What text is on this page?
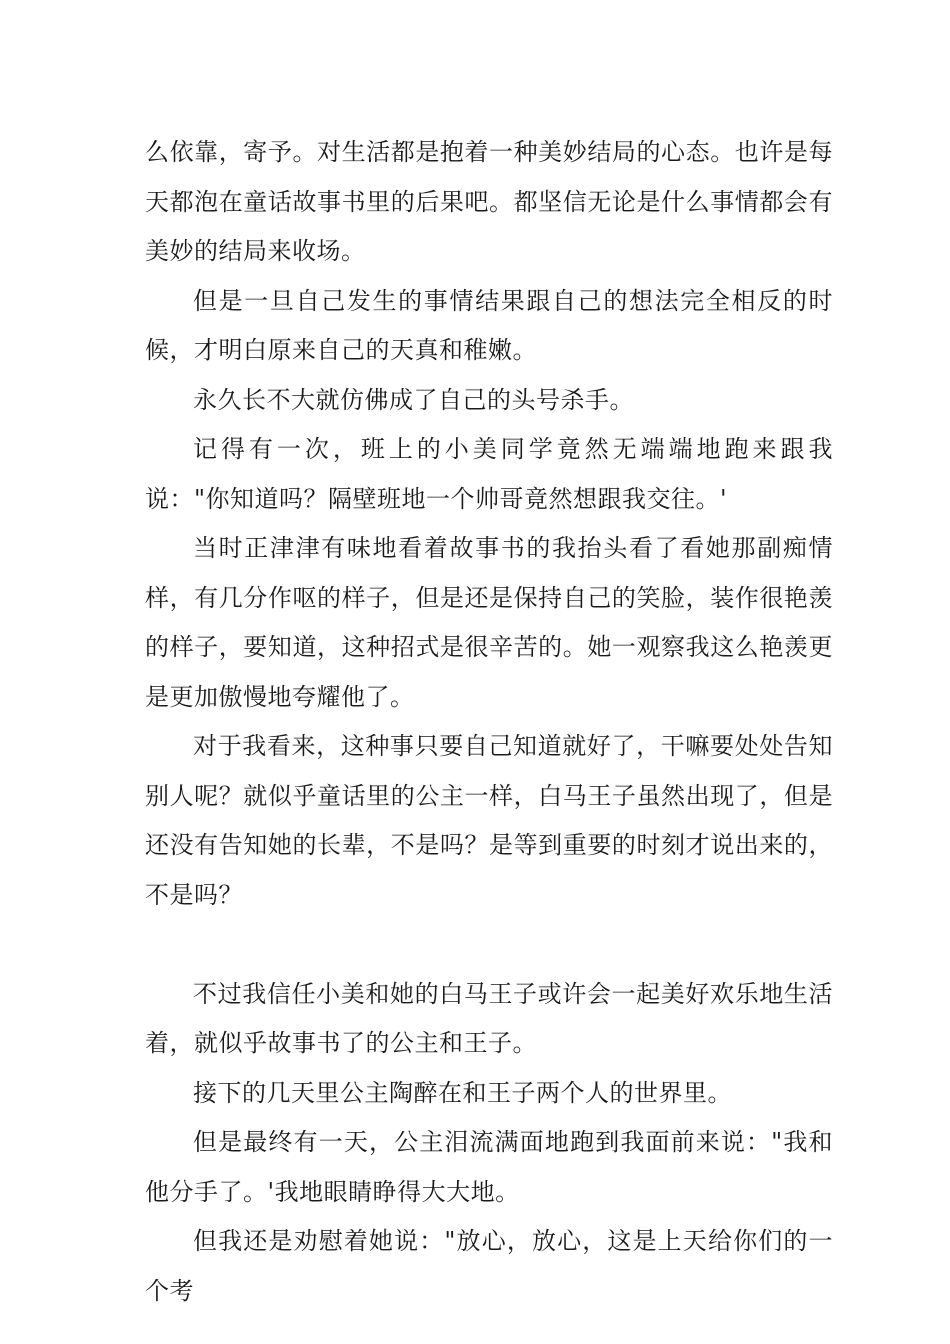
么依靠，寄予。对生活都是抱着一种美妙结局的心态。也许是每天都泡在童话故事书里的后果吧。都坚信无论是什么事情都会有美妙的结局来收场。

但是一旦自己发生的事情结果跟自己的想法完全相反的时候，才明白原来自己的天真和稚嫩。

永久长不大就仿佛成了自己的头号杀手。

记得有一次，班上的小美同学竟然无端端地跑来跟我说："你知道吗？隔壁班地一个帅哥竟然想跟我交往。'

当时正津津有味地看着故事书的我抬头看了看她那副痴情样，有几分作呕的样子，但是还是保持自己的笑脸，装作很艳羡的样子，要知道，这种招式是很辛苦的。她一观察我这么艳羡更是更加傲慢地夸耀他了。

对于我看来，这种事只要自己知道就好了，干嘛要处处告知别人呢？就似乎童话里的公主一样，白马王子虽然出现了，但是还没有告知她的长辈，不是吗？是等到重要的时刻才说出来的，不是吗？

不过我信任小美和她的白马王子或许会一起美好欢乐地生活着，就似乎故事书了的公主和王子。

接下的几天里公主陶醉在和王子两个人的世界里。

但是最终有一天，公主泪流满面地跑到我面前来说："我和他分手了。'我地眼睛睁得大大地。

但我还是劝慰着她说："放心，放心，这是上天给你们的一个考
